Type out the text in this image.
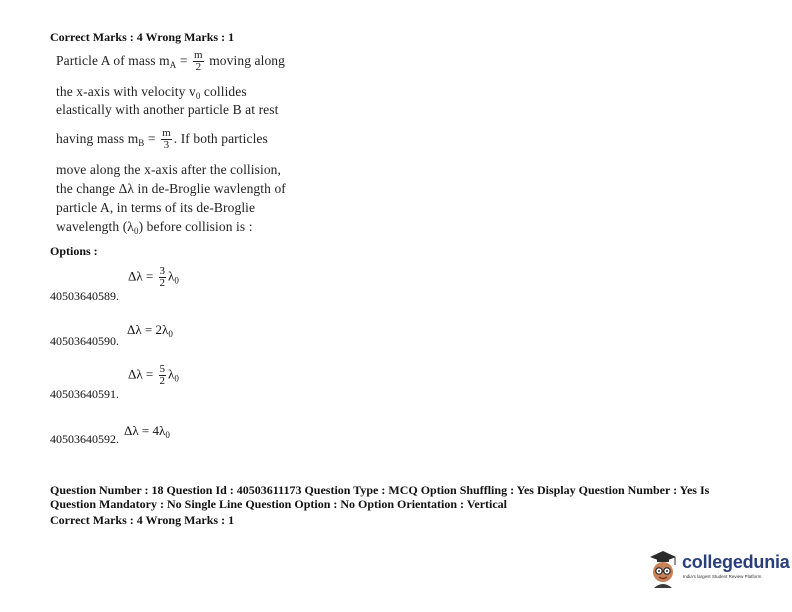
Correct Marks : 4 Wrong Marks : 1
Particle A of mass $m_A = \frac{m}{2}$ moving along
the x-axis with velocity $v_0$ collides
elastically with another particle B at rest
having mass $m_B = \frac{m}{3}$ . If both particles
move along the x-axis after the collision,
the change Δλ in de-Broglie wavlength of
particle A, in terms of its de-Broglie
wavelength $(\lambda_0)$ before collision is :
Options :
$\Delta\lambda = \frac{3}{2} \lambda_0$
40503640589.
$\Delta\lambda = 2\lambda_0$
40503640590.
$\Delta\lambda = \frac{5}{2} \lambda_0$
40503640591.
$\Delta\lambda = 4\lambda_0$
40503640592.
Question Number : 18 Question Id : 40503611173 Question Type : MCQ Option Shuffling : Yes Display Question Number : Yes Is
Question Mandatory : No Single Line Question Option : No Option Orientation : Vertical
Correct Marks : 4 Wrong Marks : 1
collegedunia
India's largest Student Review Platform
